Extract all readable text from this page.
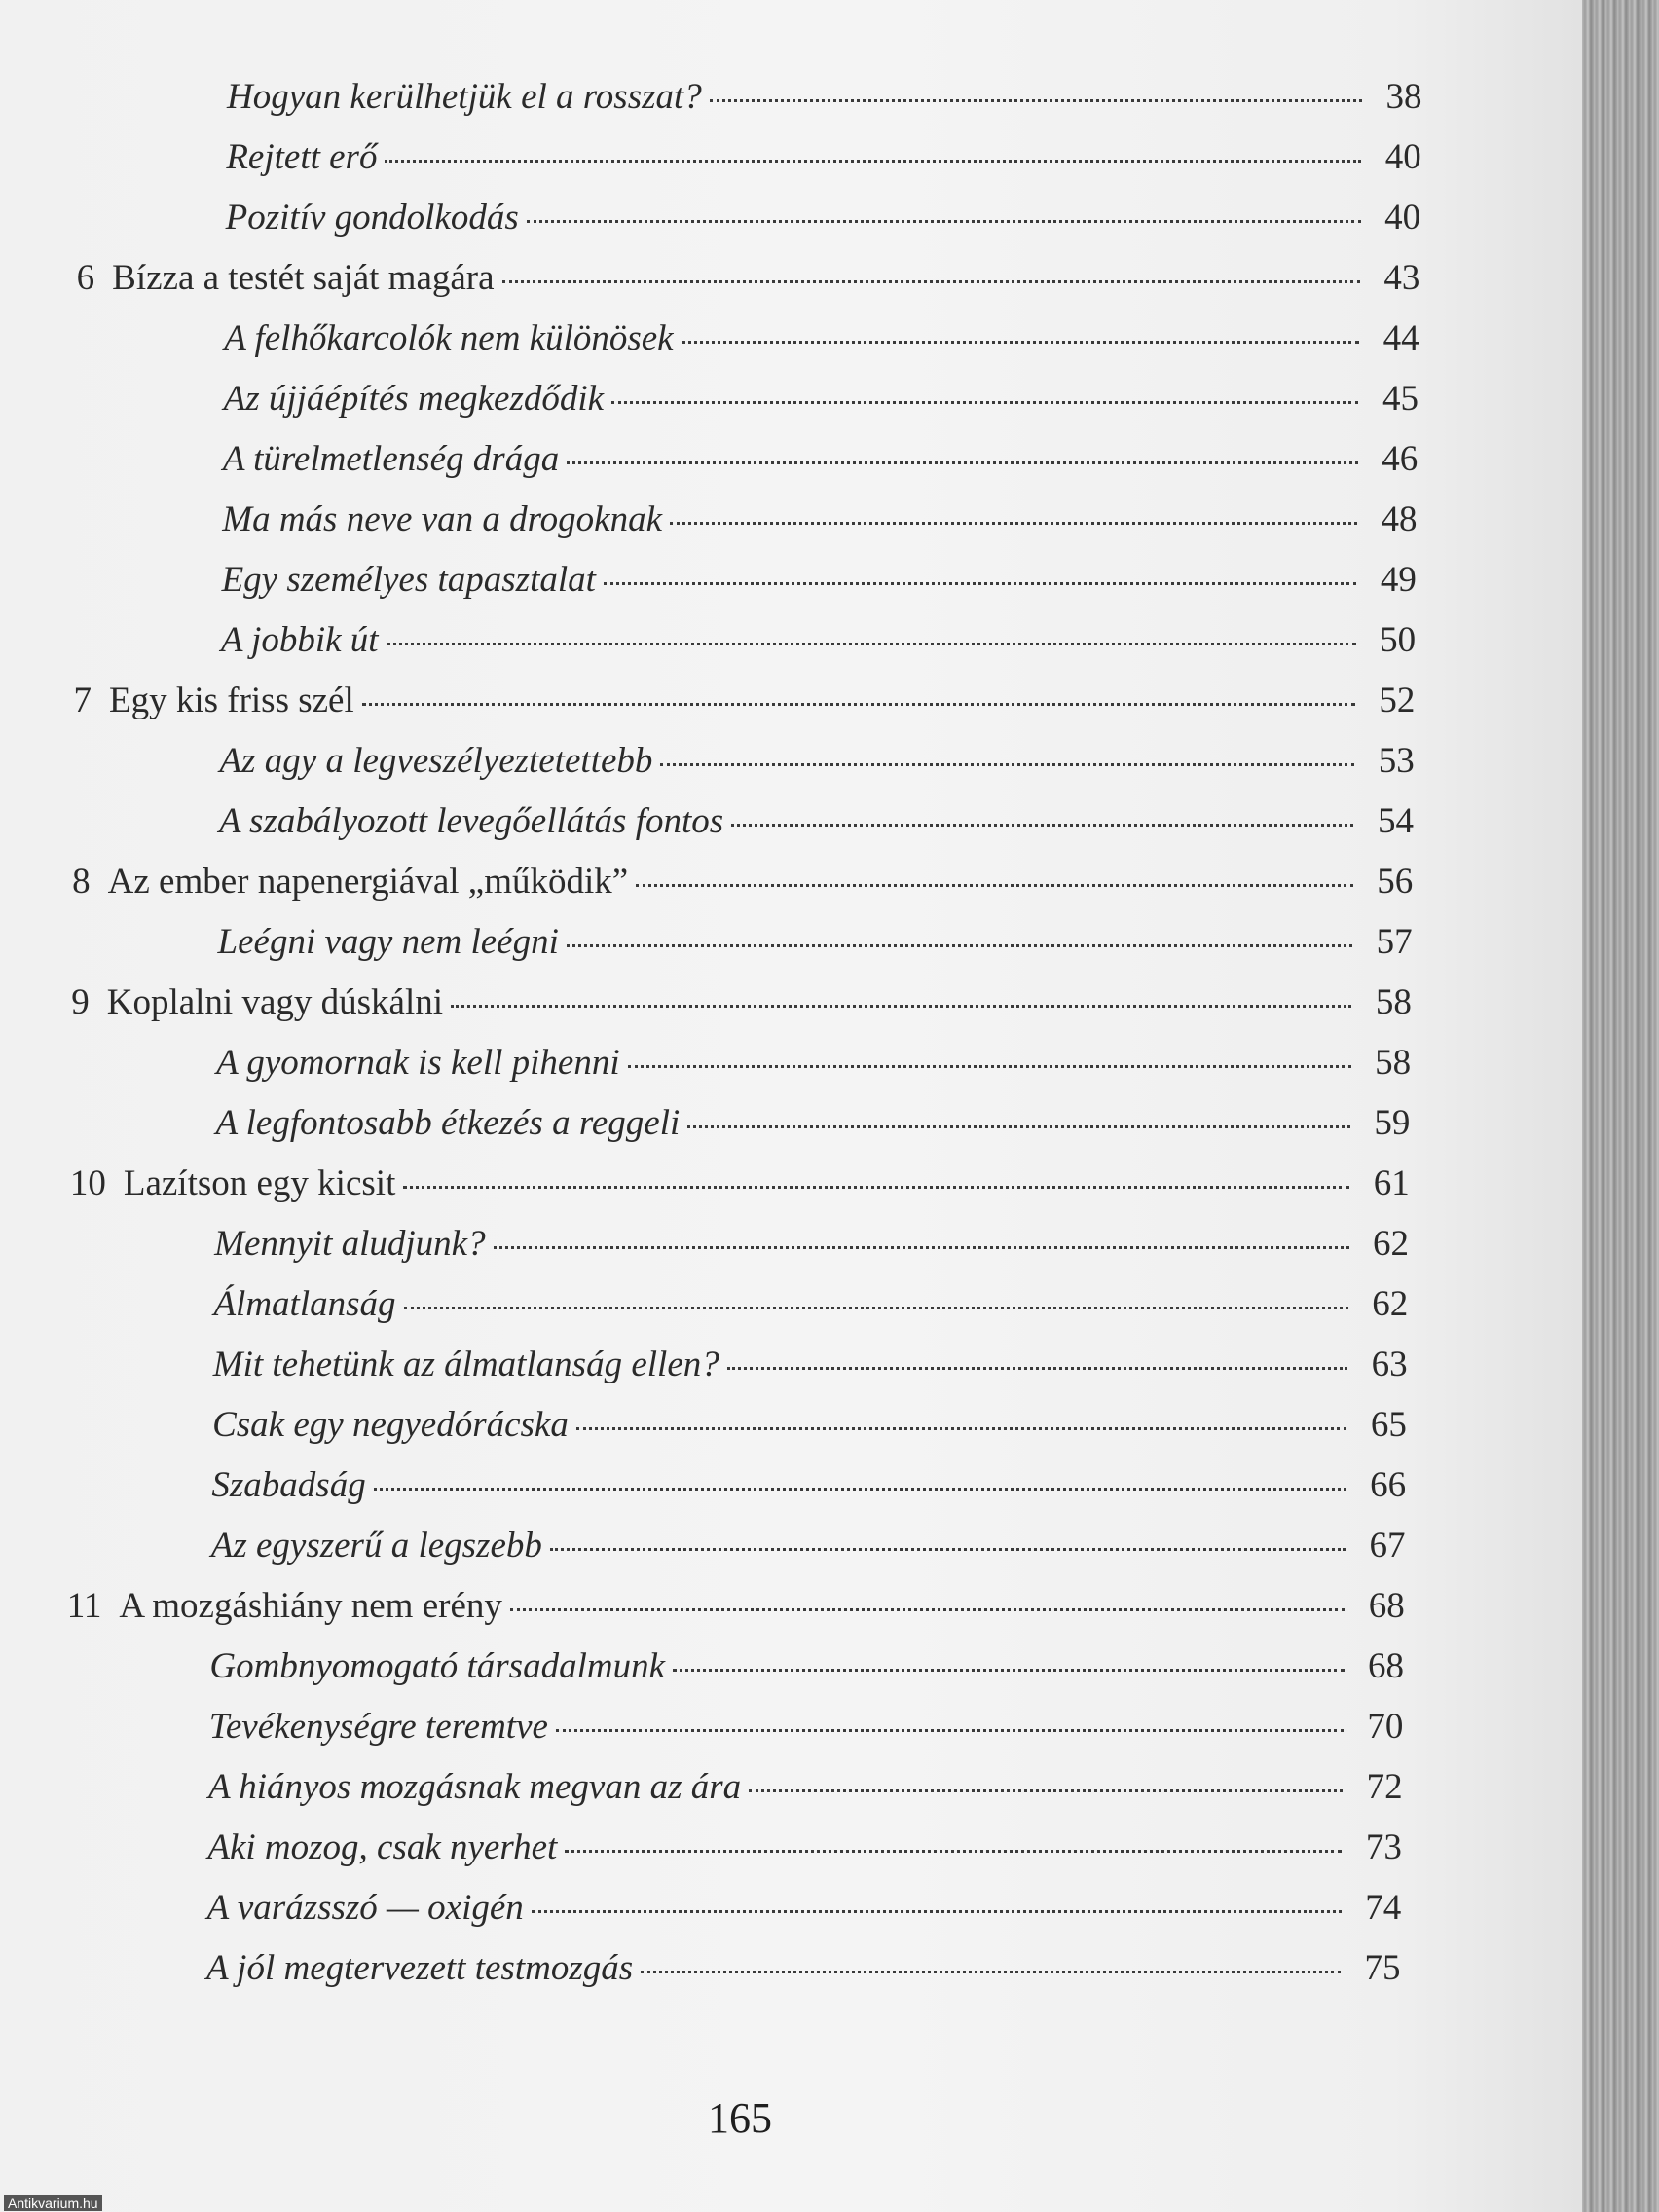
Hogyan kerülhetjük el a rosszat?	38
Rejtett erő	40
Pozitív gondolkodás	40
6 Bízza a testét saját magára	43
A felhőkarcolók nem különösek	44
Az újjáépítés megkezdődik	45
A türelmetlenség drága	46
Ma más neve van a drogoknak	48
Egy személyes tapasztalat	49
A jobbik út	50
7 Egy kis friss szél	52
Az agy a legveszélyeztetettebb	53
A szabályozott levegőellátás fontos	54
8 Az ember napenergiával „működik”	56
Leégni vagy nem leégni	57
9 Koplalni vagy dúskálni	58
A gyomornak is kell pihenni	58
A legfontosabb étkezés a reggeli	59
10 Lazítson egy kicsit	61
Mennyit aludjunk?	62
Álmatlanság	62
Mit tehetünk az álmatlanság ellen?	63
Csak egy negyedórácska	65
Szabadság	66
Az egyszerű a legszebb	67
11 A mozgáshiány nem erény	68
Gombnyomogató társadalmunk	68
Tevékenységre teremtve	70
A hiányos mozgásnak megvan az ára	72
Aki mozog, csak nyerhet	73
A varázsszó — oxigén	74
A jól megtervezett testmozgás	75
165
Antikvarium.hu
